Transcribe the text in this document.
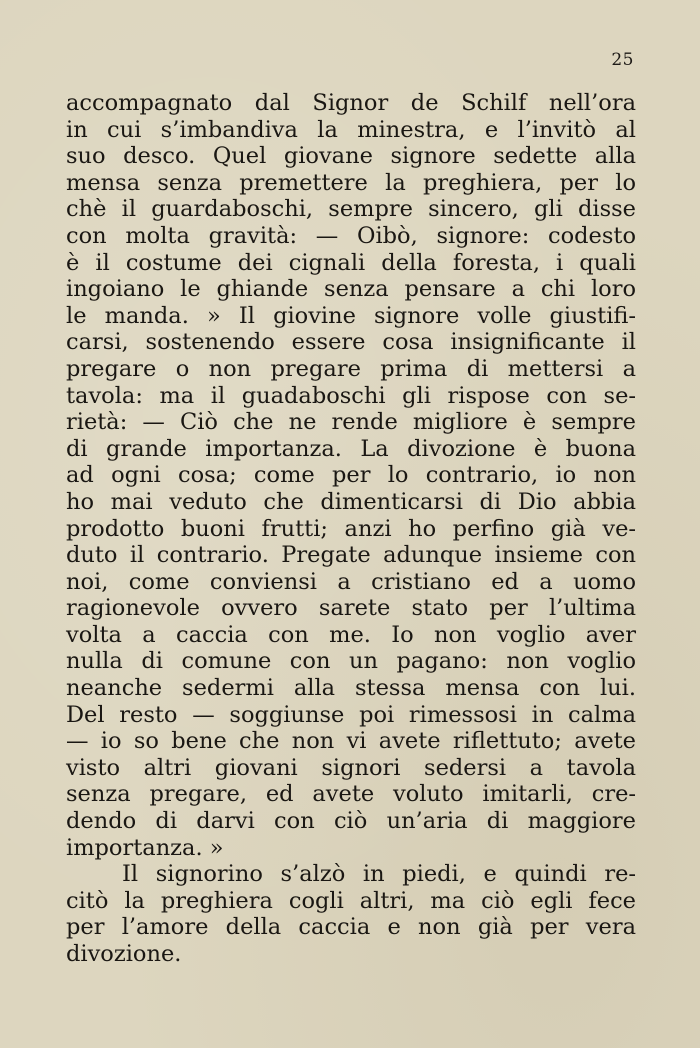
25
accompagnato dal Signor de Schilf nell’ora
in cui s’imbandiva la minestra, e l’invitò al
suo desco. Quel giovane signore sedette alla
mensa senza premettere la preghiera, per lo
chè il guardaboschi, sempre sincero, gli disse
con molta gravità: — Oibò, signore: codesto
è il costume dei cignali della foresta, i quali
ingoiano le ghiande senza pensare a chi loro
le manda. » Il giovine signore volle giustifi-
carsi, sostenendo essere cosa insignificante il
pregare o non pregare prima di mettersi a
tavola: ma il guadaboschi gli rispose con se-
rietà: — Ciò che ne rende migliore è sempre
di grande importanza. La divozione è buona
ad ogni cosa; come per lo contrario, io non
ho mai veduto che dimenticarsi di Dio abbia
prodotto buoni frutti; anzi ho perfino già ve-
duto il contrario. Pregate adunque insieme con
noi, come conviensi a cristiano ed a uomo
ragionevole ovvero sarete stato per l’ultima
volta a caccia con me. Io non voglio aver
nulla di comune con un pagano: non voglio
neanche sedermi alla stessa mensa con lui.
Del resto — soggiunse poi rimessosi in calma
— io so bene che non vi avete riflettuto; avete
visto altri giovani signori sedersi a tavola
senza pregare, ed avete voluto imitarli, cre-
dendo di darvi con ciò un’aria di maggiore
importanza. »
Il signorino s’alzò in piedi, e quindi re-
citò la preghiera cogli altri, ma ciò egli fece
per l’amore della caccia e non già per vera
divozione.
